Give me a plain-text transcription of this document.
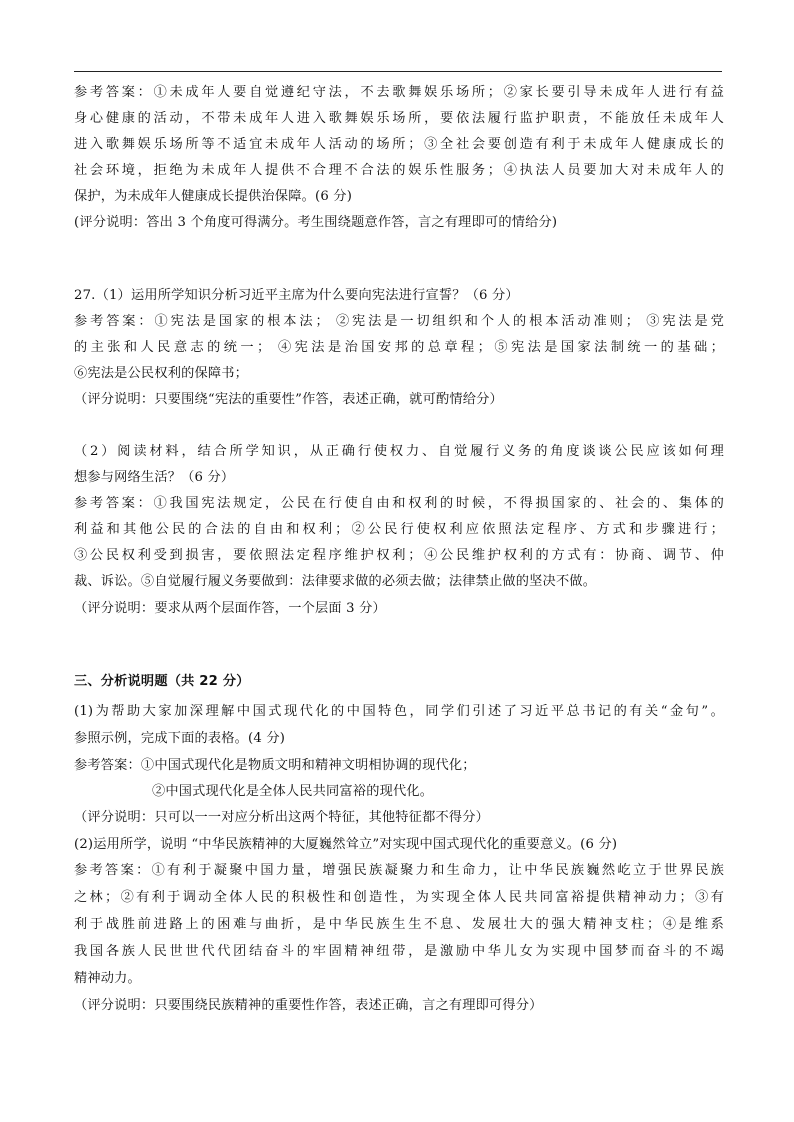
参考答案：①未成年人要自觉遵纪守法，不去歌舞娱乐场所；②家长要引导未成年人进行有益
身心健康的活动，不带未成年人进入歌舞娱乐场所，要依法履行监护职责，不能放任未成年人
进入歌舞娱乐场所等不适宜未成年人活动的场所；③全社会要创造有利于未成年人健康成长的
社会环境，拒绝为未成年人提供不合理不合法的娱乐性服务；④执法人员要加大对未成年人的
保护，为未成年人健康成长提供治保障。(6 分)
(评分说明：答出 3 个角度可得满分。考生围绕题意作答，言之有理即可的情给分)
27.（1）运用所学知识分析习近平主席为什么要向宪法进行宣誓？（6 分）
参考答案：①宪法是国家的根本法； ②宪法是一切组织和个人的根本活动准则； ③宪法是党
的主张和人民意志的统一； ④宪法是治国安邦的总章程；⑤宪法是国家法制统一的基础；
⑥宪法是公民权利的保障书；
（评分说明：只要围绕“宪法的重要性”作答，表述正确，就可酌情给分）
（2）阅读材料，结合所学知识，从正确行使权力、自觉履行义务的角度谈谈公民应该如何理
想参与网络生活？（6 分）
参考答案：①我国宪法规定，公民在行使自由和权利的时候，不得损国家的、社会的、集体的
利益和其他公民的合法的自由和权利；②公民行使权利应依照法定程序、方式和步骤进行；
③公民权利受到损害，要依照法定程序维护权利；④公民维护权利的方式有：协商、调节、仲
裁、诉讼。⑤自觉履行履义务要做到：法律要求做的必须去做；法律禁止做的坚决不做。
（评分说明：要求从两个层面作答，一个层面 3 分）
三、分析说明题（共 22 分）
(1)为帮助大家加深理解中国式现代化的中国特色，同学们引述了习近平总书记的有关“金句”。
参照示例，完成下面的表格。(4 分)
参考答案：①中国式现代化是物质文明和精神文明相协调的现代化；
②中国式现代化是全体人民共同富裕的现代化。
（评分说明：只可以一一对应分析出这两个特征，其他特征都不得分）
(2)运用所学，说明 “中华民族精神的大厦巍然耸立”对实现中国式现代化的重要意义。(6 分)
参考答案：①有利于凝聚中国力量，增强民族凝聚力和生命力，让中华民族巍然屹立于世界民族
之林；②有利于调动全体人民的积极性和创造性，为实现全体人民共同富裕提供精神动力；③有
利于战胜前进路上的困难与曲折，是中华民族生生不息、发展壮大的强大精神支柱；④是维系
我国各族人民世世代代团结奋斗的牢固精神纽带，是激励中华儿女为实现中国梦而奋斗的不竭
精神动力。
（评分说明：只要围绕民族精神的重要性作答，表述正确，言之有理即可得分）
